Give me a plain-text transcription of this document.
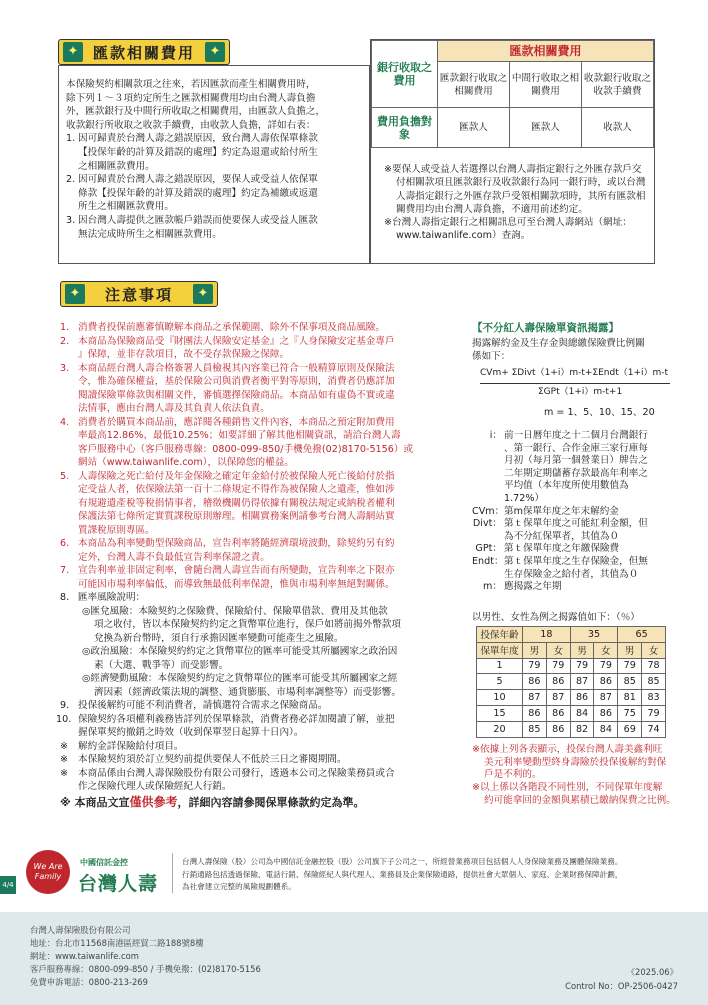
✦ 匯款相關費用	✦
本保險契約相關款項之往來，若因匯款而產生相關費用時，
除下列１～３項約定所生之匯款相關費用均由台灣人壽負擔
外，匯款銀行及中間行所收取之相關費用，由匯款人負擔之，
收款銀行所收取之收款手續費，由收款人負擔，詳如右表：
1. 因可歸責於台灣人壽之錯誤原因，致台灣人壽依保單條款
【投保年齡的計算及錯誤的處理】約定為退還或給付所生
之相關匯款費用。
2. 因可歸責於台灣人壽之錯誤原因，要保人或受益人依保單
條款【投保年齡的計算及錯誤的處理】約定為補繳或返還
所生之相關匯款費用。
3. 因台灣人壽提供之匯款帳戶錯誤而使要保人或受益人匯款
無法完成時所生之相關匯款費用。
銀行收取之費用	匯款相關費用		
	匯款銀行收取之相關費用	中間行收取之相關費用	收款銀行收取之收款手續費
費用負擔對象	匯款人	匯款人	收款人
※要保人或受益人若選擇以台灣人壽指定銀行之外匯存款戶交
付相關款項且匯款銀行及收款銀行為同一銀行時，或以台灣
人壽指定銀行之外匯存款戶受領相關款項時，其所有匯款相
關費用均由台灣人壽負擔，不適用前述約定。
※台灣人壽指定銀行之相關訊息可至台灣人壽網站（網址：
www.taiwanlife.com）查詢。
✦	注意事項	✦
1. 消費者投保前應審慎瞭解本商品之承保範圍、除外不保事項及商品風險。
2. 本商品為保險商品受『財團法人保險安定基金』之『人身保險安定基金專戶
』保障，並非存款項目，故不受存款保險之保障。
3. 本商品經台灣人壽合格簽署人員檢視其內容業已符合一般精算原則及保險法
令，惟為確保權益，基於保險公司與消費者衡平對等原則，消費者仍應詳加
閱讀保險單條款與相關文件，審慎選擇保險商品。本商品如有虛偽不實或違
法情事，應由台灣人壽及其負責人依法負責。
4. 消費者於購買本商品前，應詳閱各種銷售文件內容，本商品之預定附加費用
率最高12.86%、最低10.25%；如要詳細了解其他相關資訊，請洽台灣人壽
客戶服務中心（客戶服務專線：0800-099-850/手機免撥(02)8170-5156）或
網站（www.taiwanlife.com），以保障您的權益。
5. 人壽保險之死亡給付及年金保險之確定年金給付於被保險人死亡後給付於指
定受益人者，依保險法第一百十二條規定不得作為被保險人之遺產，惟如涉
有規避遺產稅等稅捐情事者，稽徵機關仍得依據有關稅法規定或納稅者權利
保護法第七條所定實質課稅原則辦理。相關實務案例請參考台灣人壽網站實
質課稅原則專區。
6. 本商品為利率變動型保險商品，宣告利率將隨經濟環境波動，除契約另有約
定外，台灣人壽不負最低宣告利率保證之責。
7. 宣告利率並非固定利率，會隨台灣人壽宣告而有所變動，宣告利率之下限亦
可能因市場利率偏低，而導致無最低利率保證，惟與市場利率無絕對關係。
8. 匯率風險說明：
◎匯兌風險：本險契約之保險費、保險給付、保險單借款、費用及其他款
項之收付，皆以本保險契約約定之貨幣單位進行，保戶如將前揭外幣款項
兌換為新台幣時，須自行承擔因匯率變動可能產生之風險。
◎政治風險：本保險契約約定之貨幣單位的匯率可能受其所屬國家之政治因
素（大選、戰爭等）而受影響。
◎經濟變動風險：本保險契約約定之貨幣單位的匯率可能受其所屬國家之經
濟因素（經濟政策法規的調整、通貨膨脹、市場利率調整等）而受影響。
9. 投保後解約可能不利消費者，請慎選符合需求之保險商品。
10. 保險契約各項權利義務皆詳列於保單條款，消費者務必詳加閱讀了解，並把
握保單契約撤銷之時效（收到保單翌日起算十日內）。
※ 解約金詳保險給付項目。
※ 本保險契約須於訂立契約前提供要保人不低於三日之審閱期間。
※ 本商品係由台灣人壽保險股份有限公司發行，透過本公司之保險業務員或合
作之保險代理人或保險經紀人行銷。
※ 本商品文宣僅供參考，詳細內容請參閱保單條款約定為準。
【不分紅人壽保險單資訊揭露】
揭露解約金及生存金與總繳保險費比例關
係如下：
CVm+ ΣDivt（1+i）m-t+ΣEndt（1+i）m-t
ΣGPt（1+i）m-t+1
m = 1、5、10、15、20
i： 前一日曆年度之十二個月台灣銀行
、第一銀行、合作金庫三家行庫每
月初（每月第一個營業日）牌告之
二年期定期儲蓄存款最高年利率之
平均值（本年度所使用數值為
1.72%）
CVm： 第m保單年度之年末解約金
Divt： 第ｔ保單年度之可能紅利金額，但
為不分紅保單者，其值為０
GPt： 第ｔ保單年度之年繳保險費
Endt： 第ｔ保單年度之生存保險金，但無
生存保險金之給付者，其值為０
m： 應揭露之年期
以男性、女性為例之揭露值如下：（％）
投保年齡	18		35		65	
保單年度	男	女	男	女	男	女
1	79	79	79	79	79	78
5	86	86	87	86	85	85
10	87	87	86	87	81	83
15	86	86	84	86	75	79
20	85	86	82	84	69	74
※依據上列各表顯示，投保台灣人壽美鑫利旺
美元利率變動型終身壽險於投保後解約對保
戶是不利的。
※以上係以各階段不同性別，不同保單年度解
約可能拿回的金額與累積已繳納保費之比例。
4/4
We Are Family
中國信託金控
台灣人壽
台灣人壽保險（股）公司為中國信託金融控股（股）公司旗下子公司之一，所經營業務項目包括個人人身保險業務及團體保險業務。
行銷通路包括透過保險、電話行銷、保險經紀人與代理人、業務員及企業保險通路，提供社會大眾個人、家庭、企業財務保障計劃，
為社會建立完整的風險規劃體系。
台灣人壽保險股份有限公司
地址：台北市11568南港區經貿二路188號8樓
網址：www.taiwanlife.com
客戶服務專線：0800-099-850 / 手機免撥：(02)8170-5156
免費申訴電話：0800-213-269
《2025.06》
Control No：OP-2506-0427
